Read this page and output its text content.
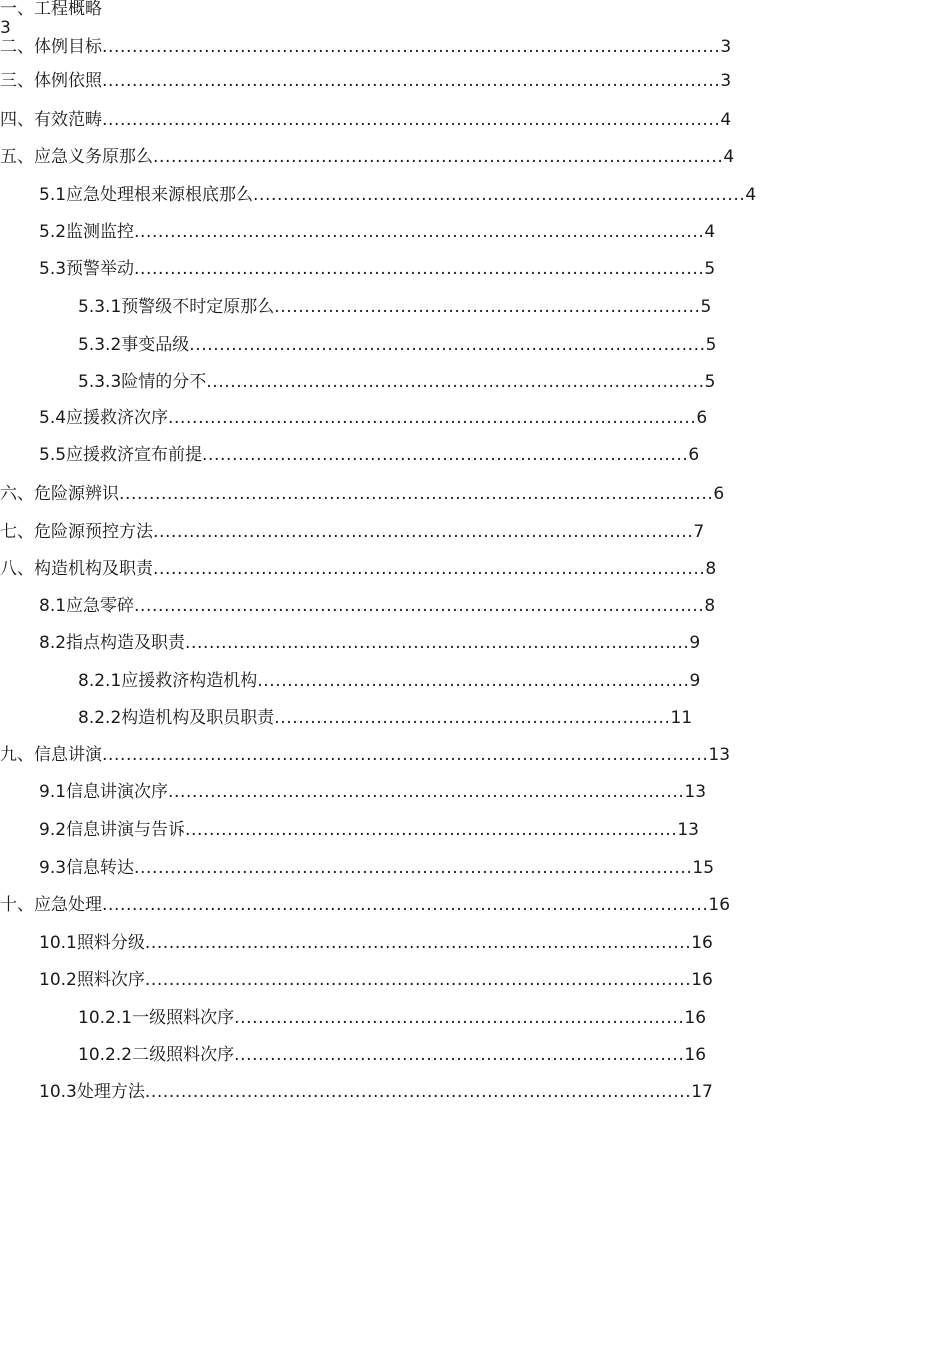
一、工程概略
3
二、体例目标.......................................................................................................3
三、体例依照.......................................................................................................3
四、有效范畴.......................................................................................................4
五、应急义务原那么...............................................................................................4
5.1应急处理根来源根底那么..................................................................................4
5.2监测监控...............................................................................................4
5.3预警举动...............................................................................................5
5.3.1预警级不时定原那么.......................................................................5
5.3.2事变品级......................................................................................5
5.3.3险情的分不...................................................................................5
5.4应援救济次序........................................................................................6
5.5应援救济宣布前提.................................................................................6
六、危险源辨识...................................................................................................6
七、危险源预控方法..........................................................................................7
八、构造机构及职责............................................................................................8
8.1应急零碎...............................................................................................8
8.2指点构造及职责....................................................................................9
8.2.1应援救济构造机构........................................................................9
8.2.2构造机构及职员职责..................................................................11
九、信息讲演.....................................................................................................13
9.1信息讲演次序......................................................................................13
9.2信息讲演与告诉..................................................................................13
9.3信息转达.............................................................................................15
十、应急处理.....................................................................................................16
10.1照料分级...........................................................................................16
10.2照料次序...........................................................................................16
10.2.1一级照料次序...........................................................................16
10.2.2二级照料次序...........................................................................16
10.3处理方法...........................................................................................17
